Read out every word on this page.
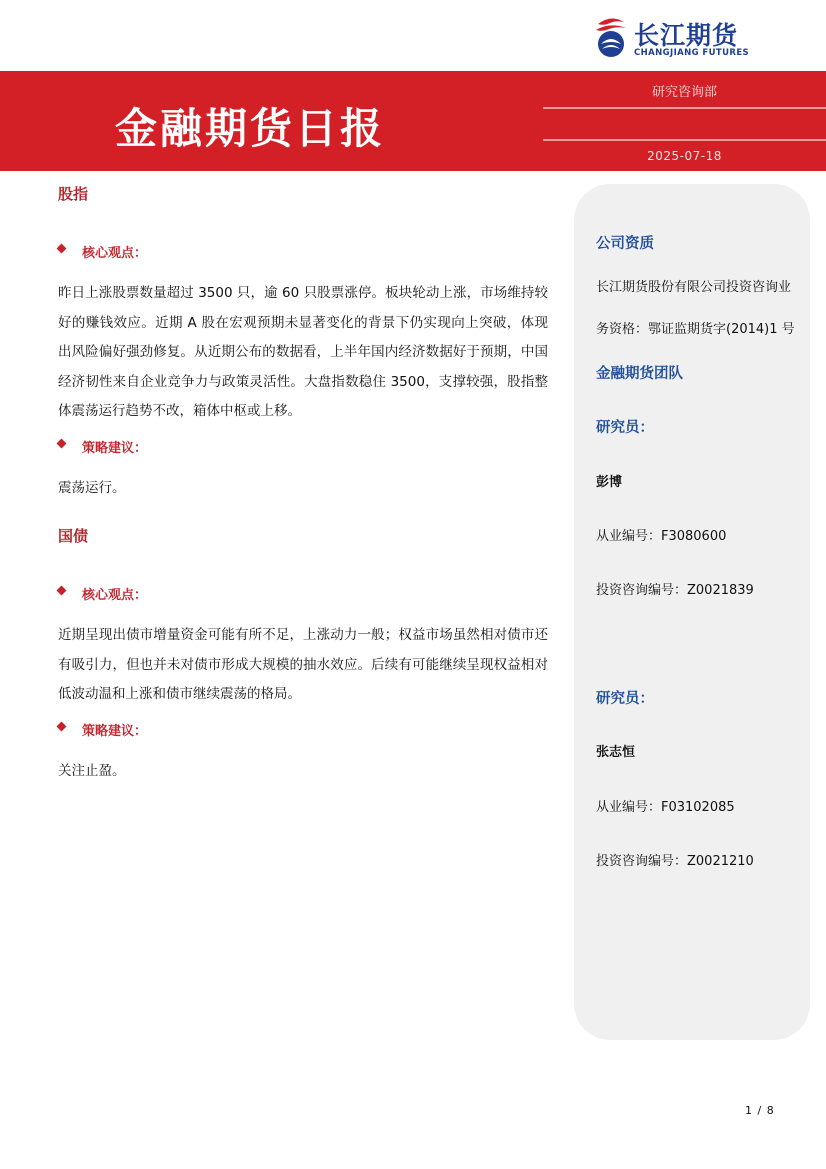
长江期货
CHANGJIANG FUTURES
金融期货日报
研究咨询部
2025-07-18
股指
核心观点：
昨日上涨股票数量超过 3500 只，逾 60 只股票涨停。板块轮动上涨，市场维持较好的赚钱效应。近期 A 股在宏观预期未显著变化的背景下仍实现向上突破，体现出风险偏好强劲修复。从近期公布的数据看，上半年国内经济数据好于预期，中国经济韧性来自企业竞争力与政策灵活性。大盘指数稳住 3500，支撑较强，股指整体震荡运行趋势不改，箱体中枢或上移。
策略建议：
震荡运行。
国债
核心观点：
近期呈现出债市增量资金可能有所不足，上涨动力一般；权益市场虽然相对债市还有吸引力，但也并未对债市形成大规模的抽水效应。后续有可能继续呈现权益相对低波动温和上涨和债市继续震荡的格局。
策略建议：
关注止盈。
公司资质
长江期货股份有限公司投资咨询业
务资格：鄂证监期货字(2014)1 号
金融期货团队
研究员：
彭博
从业编号：F3080600
投资咨询编号：Z0021839
研究员：
张志恒
从业编号：F03102085
投资咨询编号：Z0021210
1 / 8
